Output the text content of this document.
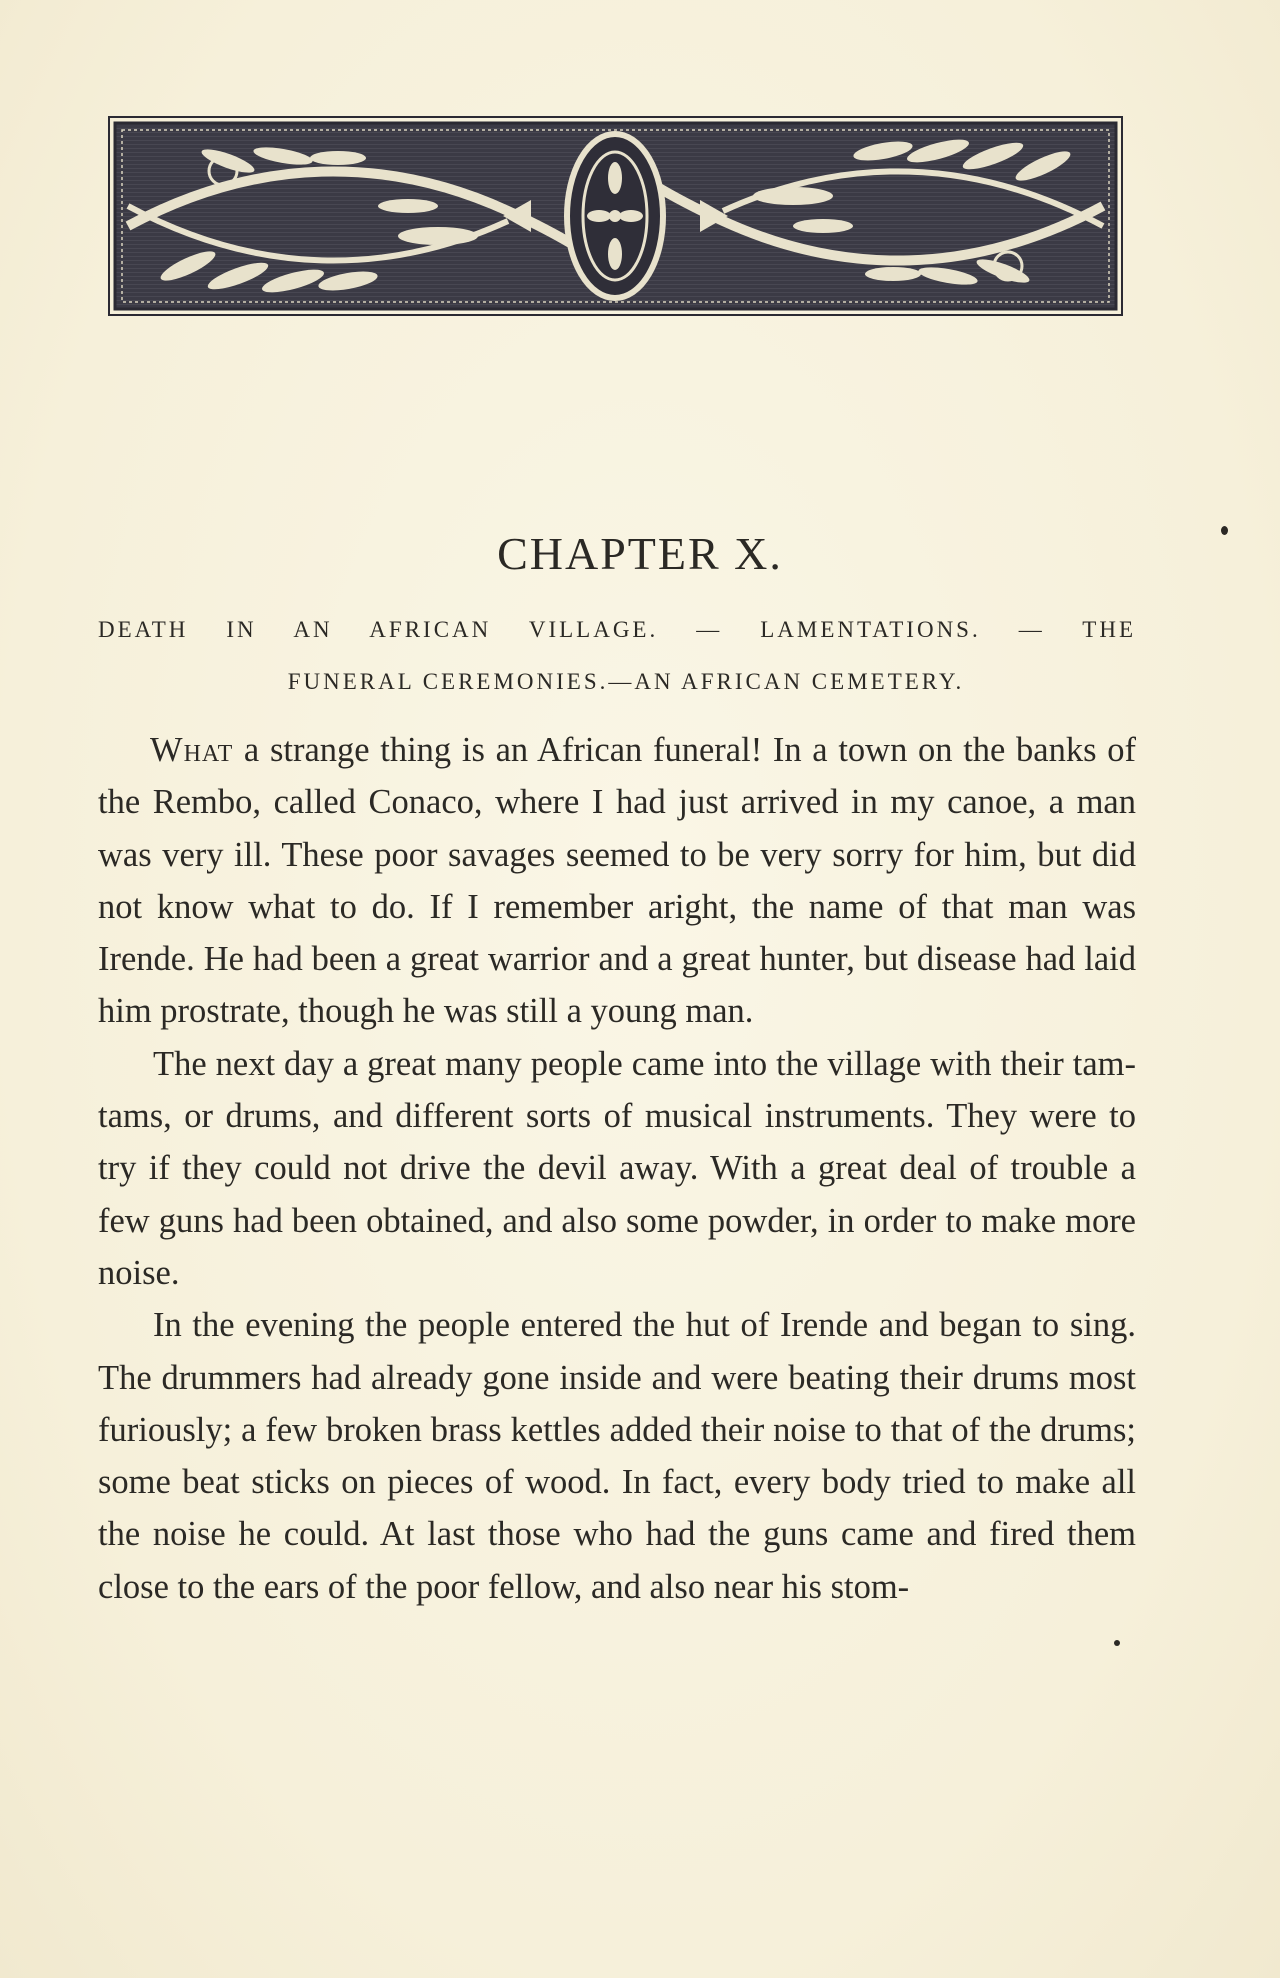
CHAPTER X.
DEATH IN AN AFRICAN VILLAGE. — LAMENTATIONS. — THE
FUNERAL CEREMONIES.—AN AFRICAN CEMETERY.

What a strange thing is an African funeral! In a town on the banks of the Rembo, called Conaco, where I had just arrived in my canoe, a man was very ill. These poor savages seemed to be very sorry for him, but did not know what to do. If I remember aright, the name of that man was Irende. He had been a great warrior and a great hunter, but disease had laid him prostrate, though he was still a young man.

The next day a great many people came into the village with their tam-tams, or drums, and different sorts of musical instruments. They were to try if they could not drive the devil away. With a great deal of trouble a few guns had been obtained, and also some powder, in order to make more noise.

In the evening the people entered the hut of Irende and began to sing. The drummers had already gone inside and were beating their drums most furiously; a few broken brass kettles added their noise to that of the drums; some beat sticks on pieces of wood. In fact, every body tried to make all the noise he could. At last those who had the guns came and fired them close to the ears of the poor fellow, and also near his stom-
